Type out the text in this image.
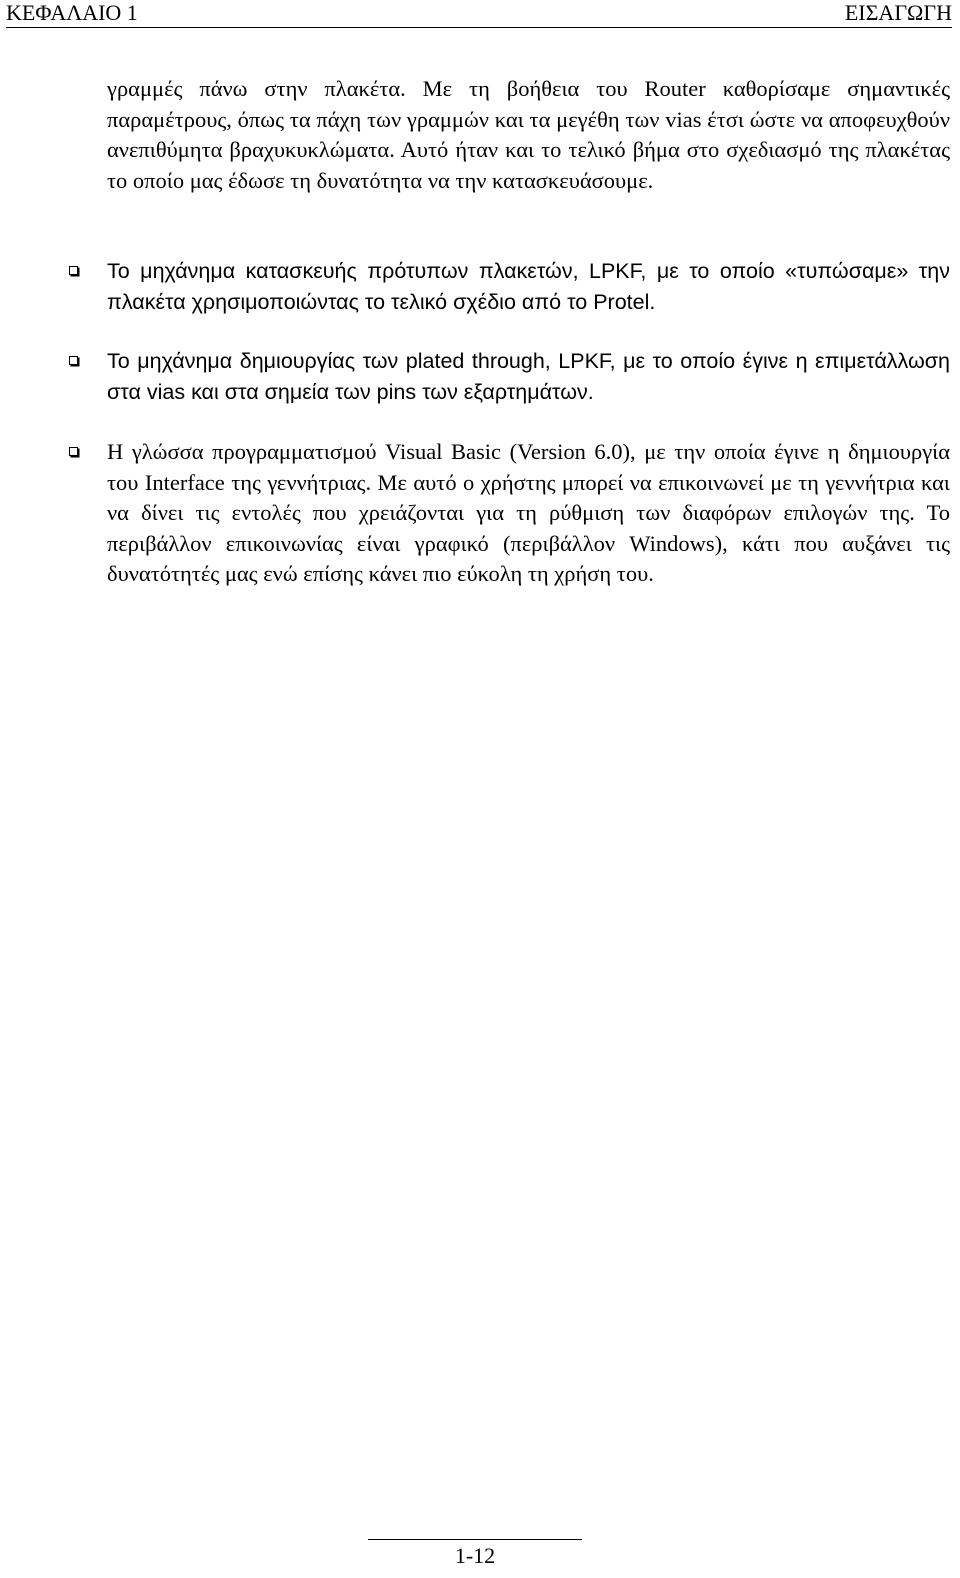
ΚΕΦΑΛΑΙΟ 1	ΕΙΣΑΓΩΓΗ
γραμμές πάνω στην πλακέτα. Με τη βοήθεια του Router καθορίσαμε σημαντικές παραμέτρους, όπως τα πάχη των γραμμών και τα μεγέθη των vias έτσι ώστε να αποφευχθούν ανεπιθύμητα βραχυκυκλώματα. Αυτό ήταν και το τελικό βήμα στο σχεδιασμό της πλακέτας το οποίο μας έδωσε τη δυνατότητα να την κατασκευάσουμε.
Το μηχάνημα κατασκευής πρότυπων πλακετών, LPKF, με το οποίο «τυπώσαμε» την πλακέτα χρησιμοποιώντας το τελικό σχέδιο από το Protel.
Το μηχάνημα δημιουργίας των plated through, LPKF, με το οποίο έγινε η επιμετάλλωση στα vias και στα σημεία των pins των εξαρτημάτων.
Η γλώσσα προγραμματισμού Visual Basic (Version 6.0), με την οποία έγινε η δημιουργία του Interface της γεννήτριας. Με αυτό ο χρήστης μπορεί να επικοινωνεί με τη γεννήτρια και να δίνει τις εντολές που χρειάζονται για τη ρύθμιση των διαφόρων επιλογών της. Το περιβάλλον επικοινωνίας είναι γραφικό (περιβάλλον Windows), κάτι που αυξάνει τις δυνατότητές μας ενώ επίσης κάνει πιο εύκολη τη χρήση του.
1-12
